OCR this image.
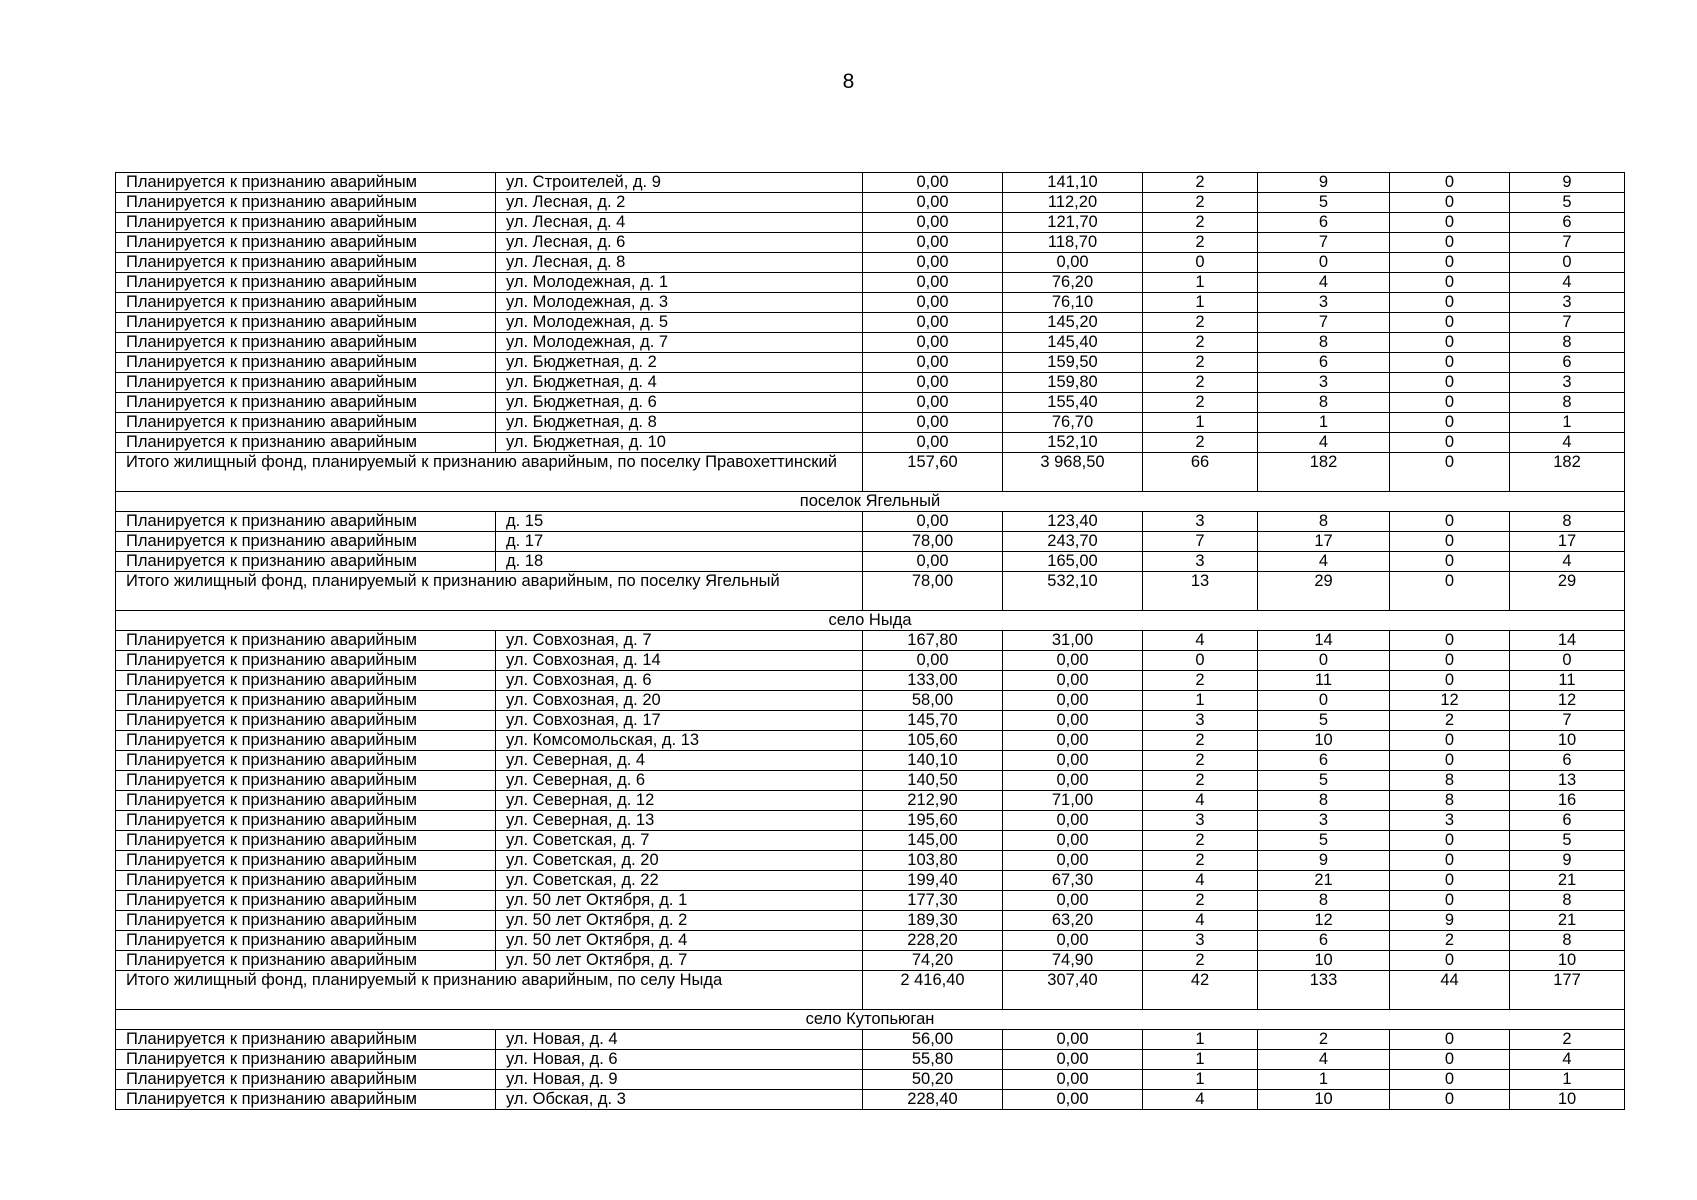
8
Планируется к признанию аварийным	ул. Строителей, д. 9	0,00	141,10	2	9	0	9
Планируется к признанию аварийным	ул. Лесная, д. 2	0,00	112,20	2	5	0	5
Планируется к признанию аварийным	ул. Лесная, д. 4	0,00	121,70	2	6	0	6
Планируется к признанию аварийным	ул. Лесная, д. 6	0,00	118,70	2	7	0	7
Планируется к признанию аварийным	ул. Лесная, д. 8	0,00	0,00	0	0	0	0
Планируется к признанию аварийным	ул. Молодежная, д. 1	0,00	76,20	1	4	0	4
Планируется к признанию аварийным	ул. Молодежная, д. 3	0,00	76,10	1	3	0	3
Планируется к признанию аварийным	ул. Молодежная, д. 5	0,00	145,20	2	7	0	7
Планируется к признанию аварийным	ул. Молодежная, д. 7	0,00	145,40	2	8	0	8
Планируется к признанию аварийным	ул. Бюджетная, д. 2	0,00	159,50	2	6	0	6
Планируется к признанию аварийным	ул. Бюджетная, д. 4	0,00	159,80	2	3	0	3
Планируется к признанию аварийным	ул. Бюджетная, д. 6	0,00	155,40	2	8	0	8
Планируется к признанию аварийным	ул. Бюджетная, д. 8	0,00	76,70	1	1	0	1
Планируется к признанию аварийным	ул. Бюджетная, д. 10	0,00	152,10	2	4	0	4
Итого жилищный фонд, планируемый к признанию аварийным, по поселку Правохеттинский		157,60	3 968,50	66	182	0	182
поселок Ягельный							
Планируется к признанию аварийным	д. 15	0,00	123,40	3	8	0	8
Планируется к признанию аварийным	д. 17	78,00	243,70	7	17	0	17
Планируется к признанию аварийным	д. 18	0,00	165,00	3	4	0	4
Итого жилищный фонд, планируемый к признанию аварийным, по поселку Ягельный		78,00	532,10	13	29	0	29
село Ныда							
Планируется к признанию аварийным	ул. Совхозная, д. 7	167,80	31,00	4	14	0	14
Планируется к признанию аварийным	ул. Совхозная, д. 14	0,00	0,00	0	0	0	0
Планируется к признанию аварийным	ул. Совхозная, д. 6	133,00	0,00	2	11	0	11
Планируется к признанию аварийным	ул. Совхозная, д. 20	58,00	0,00	1	0	12	12
Планируется к признанию аварийным	ул. Совхозная, д. 17	145,70	0,00	3	5	2	7
Планируется к признанию аварийным	ул. Комсомольская, д. 13	105,60	0,00	2	10	0	10
Планируется к признанию аварийным	ул. Северная, д. 4	140,10	0,00	2	6	0	6
Планируется к признанию аварийным	ул. Северная, д. 6	140,50	0,00	2	5	8	13
Планируется к признанию аварийным	ул. Северная, д. 12	212,90	71,00	4	8	8	16
Планируется к признанию аварийным	ул. Северная, д. 13	195,60	0,00	3	3	3	6
Планируется к признанию аварийным	ул. Советская, д. 7	145,00	0,00	2	5	0	5
Планируется к признанию аварийным	ул. Советская, д. 20	103,80	0,00	2	9	0	9
Планируется к признанию аварийным	ул. Советская, д. 22	199,40	67,30	4	21	0	21
Планируется к признанию аварийным	ул. 50 лет Октября, д. 1	177,30	0,00	2	8	0	8
Планируется к признанию аварийным	ул. 50 лет Октября, д. 2	189,30	63,20	4	12	9	21
Планируется к признанию аварийным	ул. 50 лет Октября, д. 4	228,20	0,00	3	6	2	8
Планируется к признанию аварийным	ул. 50 лет Октября, д. 7	74,20	74,90	2	10	0	10
Итого жилищный фонд, планируемый к признанию аварийным, по селу Ныда		2 416,40	307,40	42	133	44	177
село Кутопьюган							
Планируется к признанию аварийным	ул. Новая, д. 4	56,00	0,00	1	2	0	2
Планируется к признанию аварийным	ул. Новая, д. 6	55,80	0,00	1	4	0	4
Планируется к признанию аварийным	ул. Новая, д. 9	50,20	0,00	1	1	0	1
Планируется к признанию аварийным	ул. Обская, д. 3	228,40	0,00	4	10	0	10
